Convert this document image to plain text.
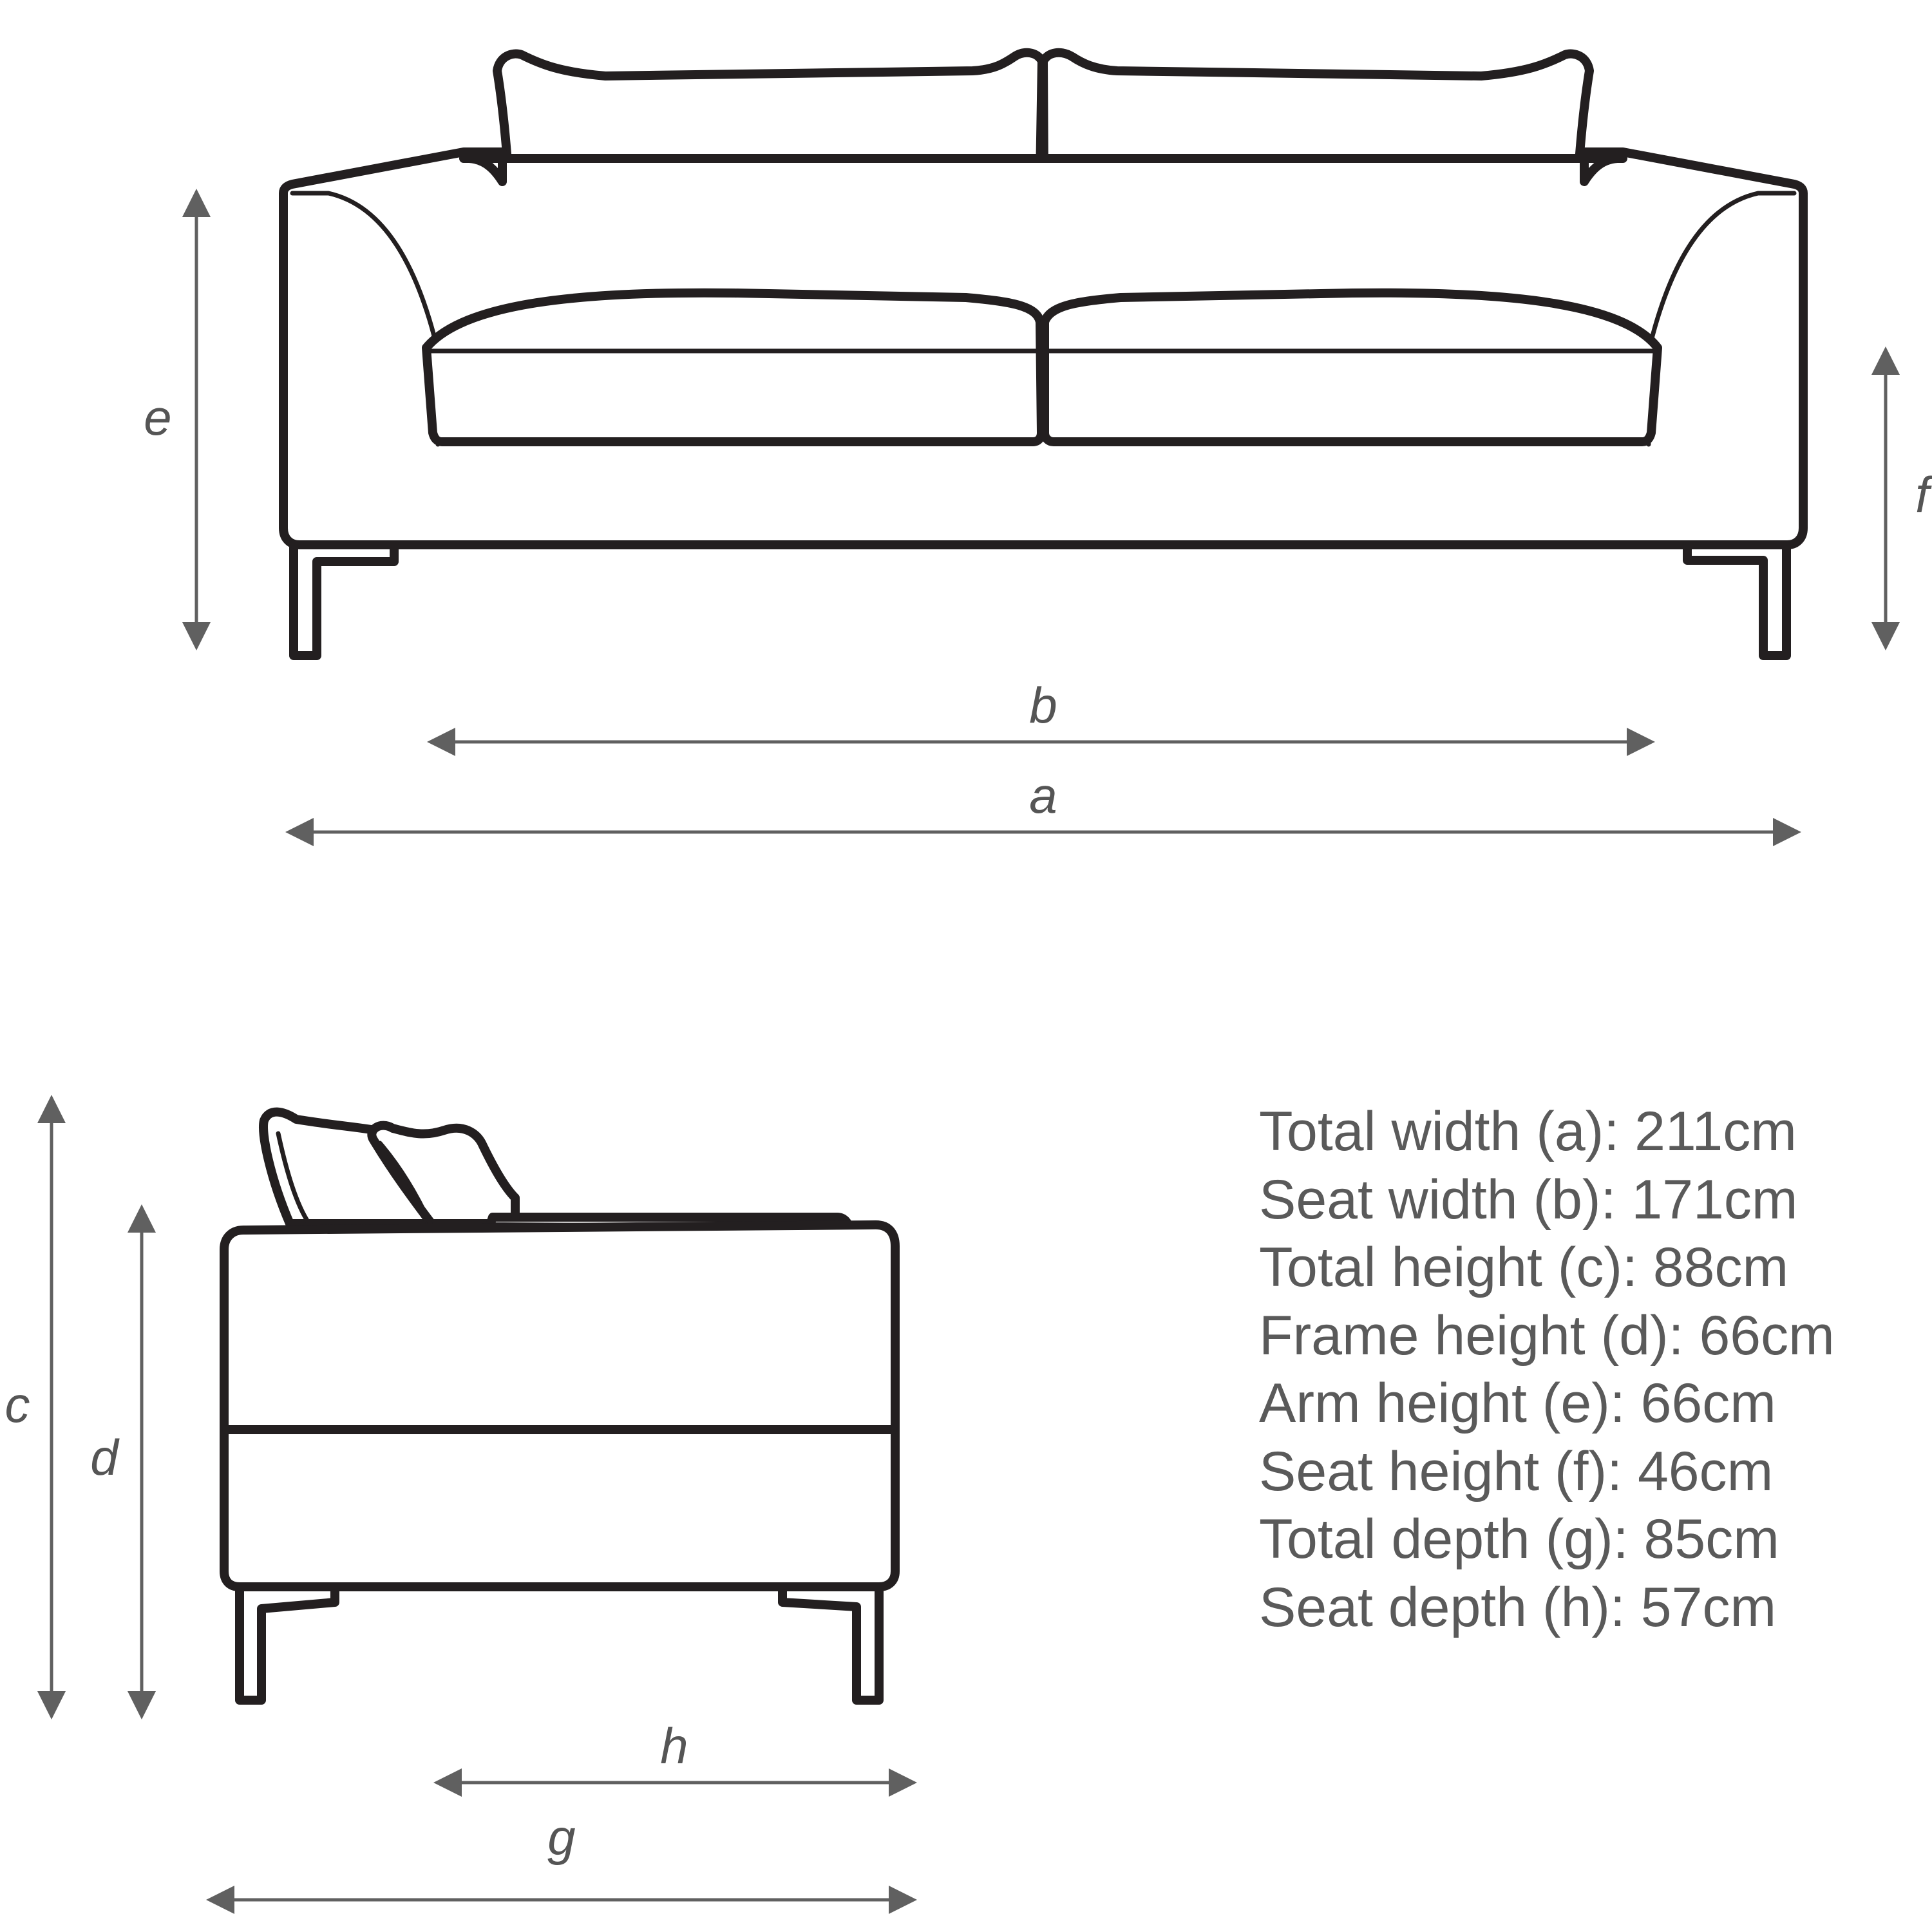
e
f
b
a
c
d
h
g
Total width (a): 211cm
Seat width (b): 171cm
Total height (c): 88cm
Frame height (d): 66cm
Arm height (e): 66cm
Seat height (f): 46cm
Total depth (g): 85cm
Seat depth (h): 57cm
